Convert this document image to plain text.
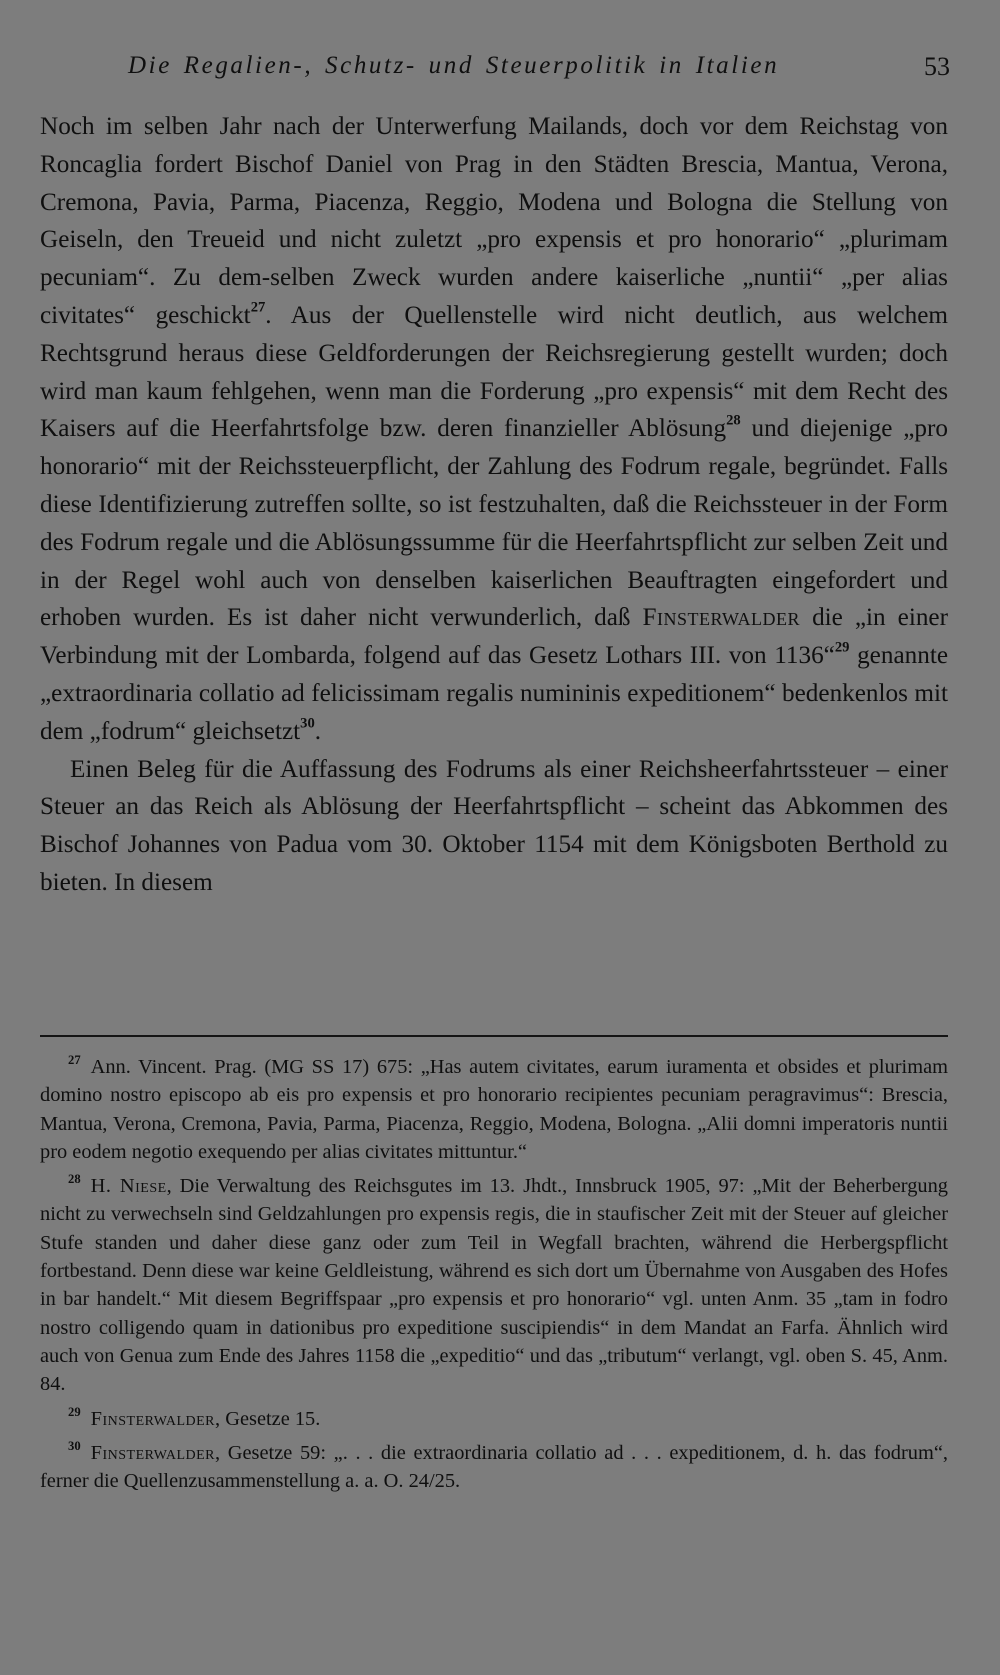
Die Regalien-, Schutz- und Steuerpolitik in Italien	53

Noch im selben Jahr nach der Unterwerfung Mailands, doch vor dem Reichstag von Roncaglia fordert Bischof Daniel von Prag in den Städten Brescia, Mantua, Verona, Cremona, Pavia, Parma, Piacenza, Reggio, Modena und Bologna die Stellung von Geiseln, den Treueid und nicht zuletzt „pro expensis et pro honorario“ „plurimam pecuniam“. Zu dem-selben Zweck wurden andere kaiserliche „nuntii“ „per alias civitates“ geschickt$^{27}$. Aus der Quellenstelle wird nicht deutlich, aus welchem Rechtsgrund heraus diese Geldforderungen der Reichsregierung gestellt wurden; doch wird man kaum fehlgehen, wenn man die Forderung „pro expensis“ mit dem Recht des Kaisers auf die Heerfahrtsfolge bzw. deren finanzieller Ablösung$^{28}$ und diejenige „pro honorario“ mit der Reichssteuerpflicht, der Zahlung des Fodrum regale, begründet. Falls diese Identifizierung zutreffen sollte, so ist festzuhalten, daß die Reichssteuer in der Form des Fodrum regale und die Ablösungssumme für die Heerfahrtspflicht zur selben Zeit und in der Regel wohl auch von denselben kaiserlichen Beauftragten eingefordert und erhoben wurden. Es ist daher nicht verwunderlich, daß Finsterwalder die „in einer Verbindung mit der Lombarda, folgend auf das Gesetz Lothars III. von 1136“$^{29}$ genannte „extraordinaria collatio ad felicissimam regalis numininis expeditionem“ bedenkenlos mit dem „fodrum“ gleichsetzt$^{30}$.

Einen Beleg für die Auffassung des Fodrums als einer Reichsheerfahrtssteuer – einer Steuer an das Reich als Ablösung der Heerfahrtspflicht – scheint das Abkommen des Bischof Johannes von Padua vom 30. Oktober 1154 mit dem Königsboten Berthold zu bieten. In diesem

$^{27}$ Ann. Vincent. Prag. (MG SS 17) 675: „Has autem civitates, earum iuramenta et obsides et plurimam domino nostro episcopo ab eis pro expensis et pro honorario recipientes pecuniam peragravimus“: Brescia, Mantua, Verona, Cremona, Pavia, Parma, Piacenza, Reggio, Modena, Bologna. „Alii domni imperatoris nuntii pro eodem negotio exequendo per alias civitates mittuntur.“

$^{28}$ H. Niese, Die Verwaltung des Reichsgutes im 13. Jhdt., Innsbruck 1905, 97: „Mit der Beherbergung nicht zu verwechseln sind Geldzahlungen pro expensis regis, die in staufischer Zeit mit der Steuer auf gleicher Stufe standen und daher diese ganz oder zum Teil in Wegfall brachten, während die Herbergspflicht fortbestand. Denn diese war keine Geldleistung, während es sich dort um Übernahme von Ausgaben des Hofes in bar handelt.“ Mit diesem Begriffspaar „pro expensis et pro honorario“ vgl. unten Anm. 35 „tam in fodro nostro colligendo quam in dationibus pro expeditione suscipiendis“ in dem Mandat an Farfa. Ähnlich wird auch von Genua zum Ende des Jahres 1158 die „expeditio“ und das „tributum“ verlangt, vgl. oben S. 45, Anm. 84.

$^{29}$ Finsterwalder, Gesetze 15.

$^{30}$ Finsterwalder, Gesetze 59: „. . . die extraordinaria collatio ad . . . expeditionem, d. h. das fodrum“, ferner die Quellenzusammenstellung a. a. O. 24/25.
